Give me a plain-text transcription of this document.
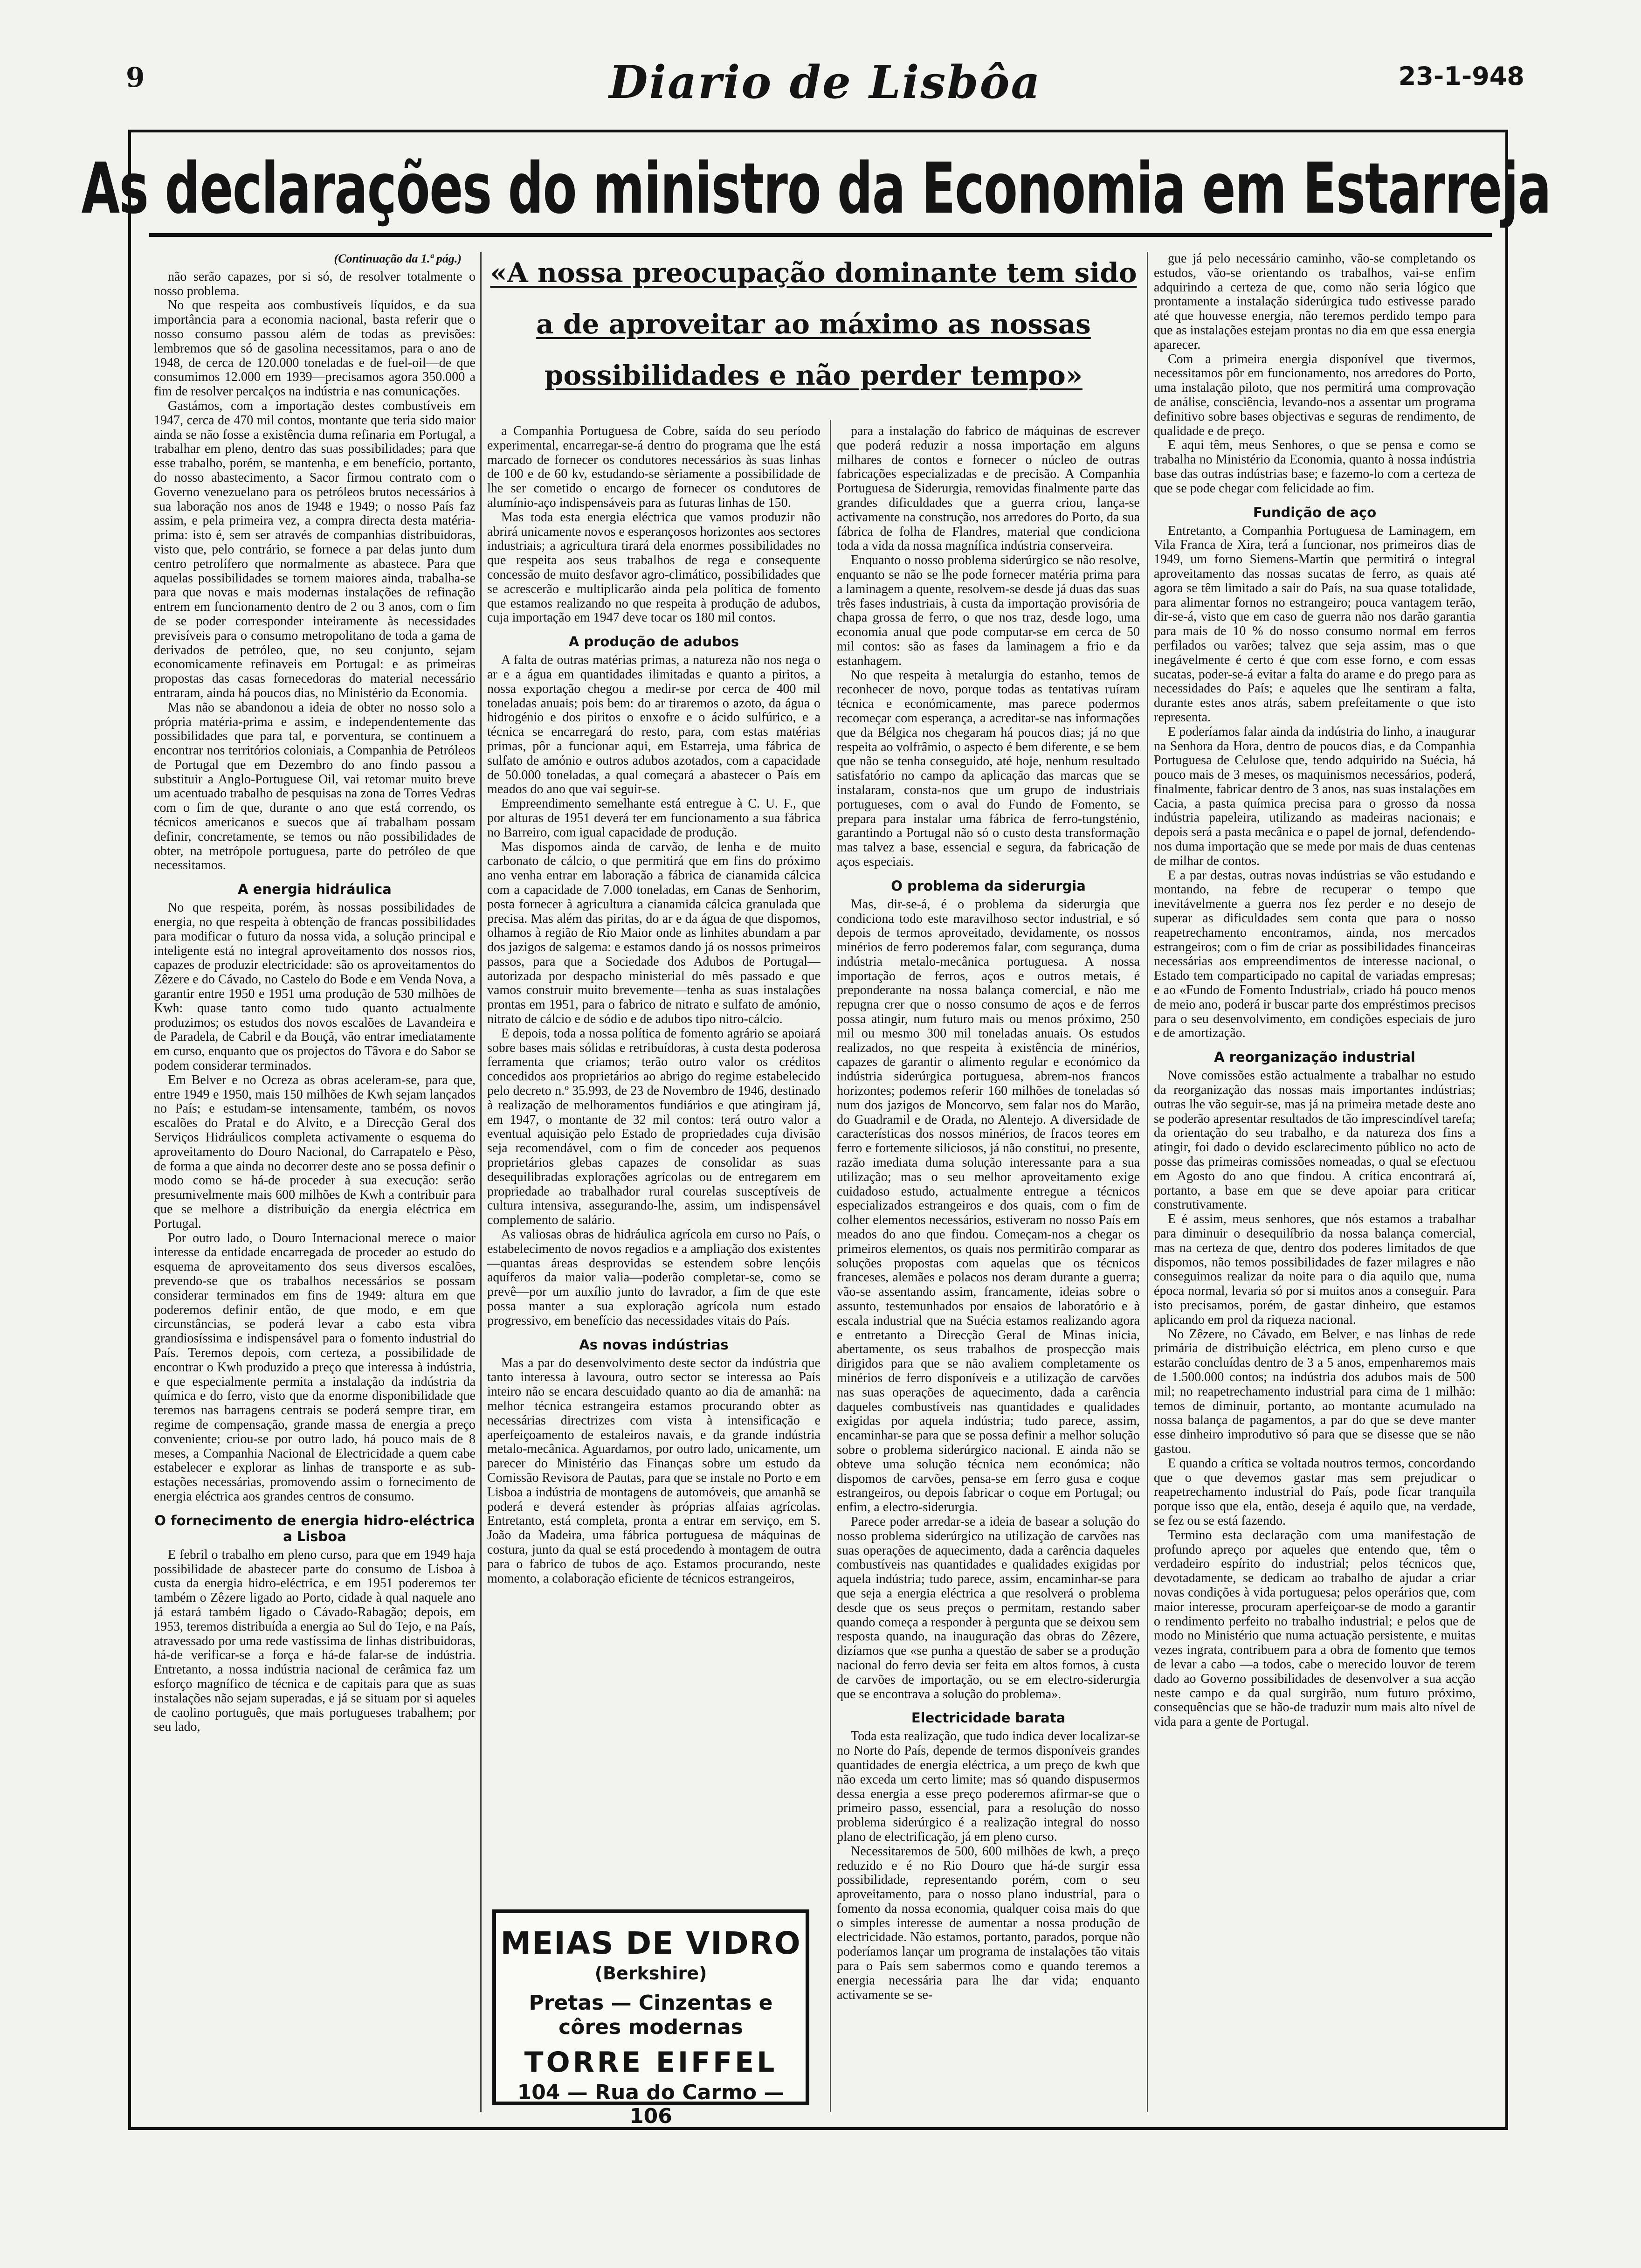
9	Diario de Lisbôa	23-1-948
As declarações do ministro da Economia em Estarreja
«A nossa preocupação dominante tem sido a de aproveitar ao máximo as nossas possibilidades e não perder tempo»
(Continuação da 1.ª pág.)

não serão capazes, por si só, de resolver totalmente o nosso problema.

No que respeita aos combustíveis líquidos, e da sua importância para a economia nacional, basta referir que o nosso consumo passou além de todas as previsões: lembremos que só de gasolina necessitamos, para o ano de 1948, de cerca de 120.000 toneladas e de fuel-oil—de que consumimos 12.000 em 1939—precisamos agora 350.000 a fim de resolver percalços na indústria e nas comunicações.

Gastámos, com a importação destes combustíveis em 1947, cerca de 470 mil contos, montante que teria sido maior ainda se não fosse a existência duma refinaria em Portugal, a trabalhar em pleno, dentro das suas possibilidades; para que esse trabalho, porém, se mantenha, e em benefício, portanto, do nosso abastecimento, a Sacor firmou contrato com o Governo venezuelano para os petróleos brutos necessários à sua laboração nos anos de 1948 e 1949; o nosso País faz assim, e pela primeira vez, a compra directa desta matéria-prima: isto é, sem ser através de companhias distribuidoras, visto que, pelo contrário, se fornece a par delas junto dum centro petrolífero que normalmente as abastece. Para que aquelas possibilidades se tornem maiores ainda, trabalha-se para que novas e mais modernas instalações de refinação entrem em funcionamento dentro de 2 ou 3 anos, com o fim de se poder corresponder inteiramente às necessidades previsíveis para o consumo metropolitano de toda a gama de derivados de petróleo, que, no seu conjunto, sejam economicamente refinaveis em Portugal: e as primeiras propostas das casas fornecedoras do material necessário entraram, ainda há poucos dias, no Ministério da Economia.

Mas não se abandonou a ideia de obter no nosso solo a própria matéria-prima e assim, e independentemente das possibilidades que para tal, e porventura, se continuem a encontrar nos territórios coloniais, a Companhia de Petróleos de Portugal que em Dezembro do ano findo passou a substituir a Anglo-Portuguese Oil, vai retomar muito breve um acentuado trabalho de pesquisas na zona de Torres Vedras com o fim de que, durante o ano que está correndo, os técnicos americanos e suecos que aí trabalham possam definir, concretamente, se temos ou não possibilidades de obter, na metrópole portuguesa, parte do petróleo de que necessitamos.

A energia hidráulica

No que respeita, porém, às nossas possibilidades de energia, no que respeita à obtenção de francas possibilidades para modificar o futuro da nossa vida, a solução principal e inteligente está no integral aproveitamento dos nossos rios, capazes de produzir electricidade: são os aproveitamentos do Zêzere e do Cávado, no Castelo do Bode e em Venda Nova, a garantir entre 1950 e 1951 uma produção de 530 milhões de Kwh: quase tanto como tudo quanto actualmente produzimos; os estudos dos novos escalões de Lavandeira e de Paradela, de Cabril e da Bouçã, vão entrar imediatamente em curso, enquanto que os projectos do Tâvora e do Sabor se podem considerar terminados.

Em Belver e no Ocreza as obras aceleram-se, para que, entre 1949 e 1950, mais 150 milhões de Kwh sejam lançados no País; e estudam-se intensamente, também, os novos escalões do Pratal e do Alvito, e a Direcção Geral dos Serviços Hidráulicos completa activamente o esquema do aproveitamento do Douro Nacional, do Carrapatelo e Pèso, de forma a que ainda no decorrer deste ano se possa definir o modo como se há-de proceder à sua execução: serão presumivelmente mais 600 milhões de Kwh a contribuir para que se melhore a distribuição da energia eléctrica em Portugal.

Por outro lado, o Douro Internacional merece o maior interesse da entidade encarregada de proceder ao estudo do esquema de aproveitamento dos seus diversos escalões, prevendo-se que os trabalhos necessários se possam considerar terminados em fins de 1949: altura em que poderemos definir então, de que modo, e em que circunstâncias, se poderá levar a cabo esta vibra grandiosíssima e indispensável para o fomento industrial do País. Teremos depois, com certeza, a possibilidade de encontrar o Kwh produzido a preço que interessa à indústria, e que especialmente permita a instalação da indústria da química e do ferro, visto que da enorme disponibilidade que teremos nas barragens centrais se poderá sempre tirar, em regime de compensação, grande massa de energia a preço conveniente; criou-se por outro lado, há pouco mais de 8 meses, a Companhia Nacional de Electricidade a quem cabe estabelecer e explorar as linhas de transporte e as sub-estações necessárias, promovendo assim o fornecimento de energia eléctrica aos grandes centros de consumo.

O fornecimento de energia hidro-eléctrica a Lisboa

E febril o trabalho em pleno curso, para que em 1949 haja possibilidade de abastecer parte do consumo de Lisboa à custa da energia hidro-eléctrica, e em 1951 poderemos ter também o Zêzere ligado ao Porto, cidade à qual naquele ano já estará também ligado o Cávado-Rabagão; depois, em 1953, teremos distribuída a energia ao Sul do Tejo, e na País, atravessado por uma rede vastíssima de linhas distribuidoras, há-de verificar-se a força e há-de falar-se de indústria. Entretanto, a nossa indústria nacional de cerâmica faz um esforço magnífico de técnica e de capitais para que as suas instalações não sejam superadas, e já se situam por si aqueles de caolino português, que mais portugueses trabalhem; por seu lado,

a Companhia Portuguesa de Cobre, saída do seu período experimental, encarregar-se-á dentro do programa que lhe está marcado de fornecer os condutores necessários às suas linhas de 100 e de 60 kv, estudando-se sèriamente a possibilidade de lhe ser cometido o encargo de fornecer os condutores de alumínio-aço indispensáveis para as futuras linhas de 150.

Mas toda esta energia eléctrica que vamos produzir não abrirá unicamente novos e esperançosos horizontes aos sectores industriais; a agricultura tirará dela enormes possibilidades no que respeita aos seus trabalhos de rega e consequente concessão de muito desfavor agro-climático, possibilidades que se acrescerão e multiplicarão ainda pela política de fomento que estamos realizando no que respeita à produção de adubos, cuja importação em 1947 deve tocar os 180 mil contos.

A produção de adubos

A falta de outras matérias primas, a natureza não nos nega o ar e a água em quantidades ilimitadas e quanto a piritos, a nossa exportação chegou a medir-se por cerca de 400 mil toneladas anuais; pois bem: do ar tiraremos o azoto, da água o hidrogénio e dos piritos o enxofre e o ácido sulfúrico, e a técnica se encarregará do resto, para, com estas matérias primas, pôr a funcionar aqui, em Estarreja, uma fábrica de sulfato de amónio e outros adubos azotados, com a capacidade de 50.000 toneladas, a qual começará a abastecer o País em meados do ano que vai seguir-se.

Empreendimento semelhante está entregue à C. U. F., que por alturas de 1951 deverá ter em funcionamento a sua fábrica no Barreiro, com igual capacidade de produção.

Mas dispomos ainda de carvão, de lenha e de muito carbonato de cálcio, o que permitirá que em fins do próximo ano venha entrar em laboração a fábrica de cianamida cálcica com a capacidade de 7.000 toneladas, em Canas de Senhorim, posta fornecer à agricultura a cianamida cálcica granulada que precisa. Mas além das piritas, do ar e da água de que dispomos, olhamos à região de Rio Maior onde as linhites abundam a par dos jazigos de salgema: e estamos dando já os nossos primeiros passos, para que a Sociedade dos Adubos de Portugal—autorizada por despacho ministerial do mês passado e que vamos construir muito brevemente—tenha as suas instalações prontas em 1951, para o fabrico de nitrato e sulfato de amónio, nitrato de cálcio e de sódio e de adubos tipo nitro-cálcio.

E depois, toda a nossa política de fomento agrário se apoiará sobre bases mais sólidas e retribuídoras, à custa desta poderosa ferramenta que criamos; terão outro valor os créditos concedidos aos proprietários ao abrigo do regime estabelecido pelo decreto n.º 35.993, de 23 de Novembro de 1946, destinado à realização de melhoramentos fundiários e que atingiram já, em 1947, o montante de 32 mil contos: terá outro valor a eventual aquisição pelo Estado de propriedades cuja divisão seja recomendável, com o fim de conceder aos pequenos proprietários glebas capazes de consolidar as suas desequilibradas explorações agrícolas ou de entregarem em propriedade ao trabalhador rural courelas susceptíveis de cultura intensiva, assegurando-lhe, assim, um indispensável complemento de salário.

As valiosas obras de hidráulica agrícola em curso no País, o estabelecimento de novos regadios e a ampliação dos existentes—quantas áreas desprovidas se estendem sobre lençóis aquíferos da maior valia—poderão completar-se, como se prevê—por um auxílio junto do lavrador, a fim de que este possa manter a sua exploração agrícola num estado progressivo, em benefício das necessidades vitais do País.

As novas indústrias

Mas a par do desenvolvimento deste sector da indústria que tanto interessa à lavoura, outro sector se interessa ao País inteiro não se encara descuidado quanto ao dia de amanhã: na melhor técnica estrangeira estamos procurando obter as necessárias directrizes com vista à intensificação e aperfeiçoamento de estaleiros navais, e da grande indústria metalo-mecânica. Aguardamos, por outro lado, unicamente, um parecer do Ministério das Finanças sobre um estudo da Comissão Revisora de Pautas, para que se instale no Porto e em Lisboa a indústria de montagens de automóveis, que amanhã se poderá e deverá estender às próprias alfaias agrícolas. Entretanto, está completa, pronta a entrar em serviço, em S. João da Madeira, uma fábrica portuguesa de máquinas de costura, junto da qual se está procedendo à montagem de outra para o fabrico de tubos de aço. Estamos procurando, neste momento, a colaboração eficiente de técnicos estrangeiros,

para a instalação do fabrico de máquinas de escrever que poderá reduzir a nossa importação em alguns milhares de contos e fornecer o núcleo de outras fabricações especializadas e de precisão. A Companhia Portuguesa de Siderurgia, removidas finalmente parte das grandes dificuldades que a guerra criou, lança-se activamente na construção, nos arredores do Porto, da sua fábrica de folha de Flandres, material que condiciona toda a vida da nossa magnífica indústria conserveira.

Enquanto o nosso problema siderúrgico se não resolve, enquanto se não se lhe pode fornecer matéria prima para a laminagem a quente, resolvem-se desde já duas das suas três fases industriais, à custa da importação provisória de chapa grossa de ferro, o que nos traz, desde logo, uma economia anual que pode computar-se em cerca de 50 mil contos: são as fases da laminagem a frio e da estanhagem.

No que respeita à metalurgia do estanho, temos de reconhecer de novo, porque todas as tentativas ruíram técnica e económicamente, mas parece podermos recomeçar com esperança, a acreditar-se nas informações que da Bélgica nos chegaram há poucos dias; já no que respeita ao volfrâmio, o aspecto é bem diferente, e se bem que não se tenha conseguido, até hoje, nenhum resultado satisfatório no campo da aplicação das marcas que se instalaram, consta-nos que um grupo de industriais portugueses, com o aval do Fundo de Fomento, se prepara para instalar uma fábrica de ferro-tungsténio, garantindo a Portugal não só o custo desta transformação mas talvez a base, essencial e segura, da fabricação de aços especiais.

O problema da siderurgia

Mas, dir-se-á, é o problema da siderurgia que condiciona todo este maravilhoso sector industrial, e só depois de termos aproveitado, devidamente, os nossos minérios de ferro poderemos falar, com segurança, duma indústria metalo-mecânica portuguesa. A nossa importação de ferros, aços e outros metais, é preponderante na nossa balança comercial, e não me repugna crer que o nosso consumo de aços e de ferros possa atingir, num futuro mais ou menos próximo, 250 mil ou mesmo 300 mil toneladas anuais. Os estudos realizados, no que respeita à existência de minérios, capazes de garantir o alimento regular e económico da indústria siderúrgica portuguesa, abrem-nos francos horizontes; podemos referir 160 milhões de toneladas só num dos jazigos de Moncorvo, sem falar nos do Marão, do Guadramil e de Orada, no Alentejo. A diversidade de características dos nossos minérios, de fracos teores em ferro e fortemente siliciosos, já não constitui, no presente, razão imediata duma solução interessante para a sua utilização; mas o seu melhor aproveitamento exige cuidadoso estudo, actualmente entregue a técnicos especializados estrangeiros e dos quais, com o fim de colher elementos necessários, estiveram no nosso País em meados do ano que findou. Começam-nos a chegar os primeiros elementos, os quais nos permitirão comparar as soluções propostas com aquelas que os técnicos franceses, alemães e polacos nos deram durante a guerra; vão-se assentando assim, francamente, ideias sobre o assunto, testemunhados por ensaios de laboratório e à escala industrial que na Suécia estamos realizando agora e entretanto a Direcção Geral de Minas inicia, abertamente, os seus trabalhos de prospecção mais dirigidos para que se não avaliem completamente os minérios de ferro disponíveis e a utilização de carvões nas suas operações de aquecimento, dada a carência daqueles combustíveis nas quantidades e qualidades exigidas por aquela indústria; tudo parece, assim, encaminhar-se para que se possa definir a melhor solução sobre o problema siderúrgico nacional. E ainda não se obteve uma solução técnica nem económica; não dispomos de carvões, pensa-se em ferro gusa e coque estrangeiros, ou depois fabricar o coque em Portugal; ou enfim, a electro-siderurgia.

Parece poder arredar-se a ideia de basear a solução do nosso problema siderúrgico na utilização de carvões nas suas operações de aquecimento, dada a carência daqueles combustíveis nas quantidades e qualidades exigidas por aquela indústria; tudo parece, assim, encaminhar-se para que seja a energia eléctrica a que resolverá o problema desde que os seus preços o permitam, restando saber quando começa a responder à pergunta que se deixou sem resposta quando, na inauguração das obras do Zêzere, dizíamos que «se punha a questão de saber se a produção nacional do ferro devia ser feita em altos fornos, à custa de carvões de importação, ou se em electro-siderurgia que se encontrava a solução do problema».

Electricidade barata

Toda esta realização, que tudo indica dever localizar-se no Norte do País, depende de termos disponíveis grandes quantidades de energia eléctrica, a um preço de kwh que não exceda um certo limite; mas só quando dispusermos dessa energia a esse preço poderemos afirmar-se que o primeiro passo, essencial, para a resolução do nosso problema siderúrgico é a realização integral do nosso plano de electrificação, já em pleno curso.

Necessitaremos de 500, 600 milhões de kwh, a preço reduzido e é no Rio Douro que há-de surgir essa possibilidade, representando porém, com o seu aproveitamento, para o nosso plano industrial, para o fomento da nossa economia, qualquer coisa mais do que o simples interesse de aumentar a nossa produção de electricidade. Não estamos, portanto, parados, porque não poderíamos lançar um programa de instalações tão vitais para o País sem sabermos como e quando teremos a energia necessária para lhe dar vida; enquanto activamente se se-

gue já pelo necessário caminho, vão-se completando os estudos, vão-se orientando os trabalhos, vai-se enfim adquirindo a certeza de que, como não seria lógico que prontamente a instalação siderúrgica tudo estivesse parado até que houvesse energia, não teremos perdido tempo para que as instalações estejam prontas no dia em que essa energia aparecer.

Com a primeira energia disponível que tivermos, necessitamos pôr em funcionamento, nos arredores do Porto, uma instalação piloto, que nos permitirá uma comprovação de análise, consciência, levando-nos a assentar um programa definitivo sobre bases objectivas e seguras de rendimento, de qualidade e de preço.

E aqui têm, meus Senhores, o que se pensa e como se trabalha no Ministério da Economia, quanto à nossa indústria base das outras indústrias base; e fazemo-lo com a certeza de que se pode chegar com felicidade ao fim.

Fundição de aço

Entretanto, a Companhia Portuguesa de Laminagem, em Vila Franca de Xira, terá a funcionar, nos primeiros dias de 1949, um forno Siemens-Martin que permitirá o integral aproveitamento das nossas sucatas de ferro, as quais até agora se têm limitado a sair do País, na sua quase totalidade, para alimentar fornos no estrangeiro; pouca vantagem terão, dir-se-á, visto que em caso de guerra não nos darão garantia para mais de 10 % do nosso consumo normal em ferros perfilados ou varões; talvez que seja assim, mas o que inegávelmente é certo é que com esse forno, e com essas sucatas, poder-se-á evitar a falta do arame e do prego para as necessidades do País; e aqueles que lhe sentiram a falta, durante estes anos atrás, sabem prefeitamente o que isto representa.

E poderíamos falar ainda da indústria do linho, a inaugurar na Senhora da Hora, dentro de poucos dias, e da Companhia Portuguesa de Celulose que, tendo adquirido na Suécia, há pouco mais de 3 meses, os maquinismos necessários, poderá, finalmente, fabricar dentro de 3 anos, nas suas instalações em Cacia, a pasta química precisa para o grosso da nossa indústria papeleira, utilizando as madeiras nacionais; e depois será a pasta mecânica e o papel de jornal, defendendo-nos duma importação que se mede por mais de duas centenas de milhar de contos.

E a par destas, outras novas indústrias se vão estudando e montando, na febre de recuperar o tempo que inevitávelmente a guerra nos fez perder e no desejo de superar as dificuldades sem conta que para o nosso reapetrechamento encontramos, ainda, nos mercados estrangeiros; com o fim de criar as possibilidades financeiras necessárias aos empreendimentos de interesse nacional, o Estado tem comparticipado no capital de variadas empresas; e ao «Fundo de Fomento Industrial», criado há pouco menos de meio ano, poderá ir buscar parte dos empréstimos precisos para o seu desenvolvimento, em condições especiais de juro e de amortização.

A reorganização industrial

Nove comissões estão actualmente a trabalhar no estudo da reorganização das nossas mais importantes indústrias; outras lhe vão seguir-se, mas já na primeira metade deste ano se poderão apresentar resultados de tão imprescindível tarefa; da orientação do seu trabalho, e da natureza dos fins a atingir, foi dado o devido esclarecimento público no acto de posse das primeiras comissões nomeadas, o qual se efectuou em Agosto do ano que findou. A crítica encontrará aí, portanto, a base em que se deve apoiar para criticar construtivamente.

E é assim, meus senhores, que nós estamos a trabalhar para diminuir o desequilíbrio da nossa balança comercial, mas na certeza de que, dentro dos poderes limitados de que dispomos, não temos possibilidades de fazer milagres e não conseguimos realizar da noite para o dia aquilo que, numa época normal, levaria só por si muitos anos a conseguir. Para isto precisamos, porém, de gastar dinheiro, que estamos aplicando em prol da riqueza nacional.

No Zêzere, no Cávado, em Belver, e nas linhas de rede primária de distribuição eléctrica, em pleno curso e que estarão concluídas dentro de 3 a 5 anos, empenharemos mais de 1.500.000 contos; na indústria dos adubos mais de 500 mil; no reapetrechamento industrial para cima de 1 milhão: temos de diminuir, portanto, ao montante acumulado na nossa balança de pagamentos, a par do que se deve manter esse dinheiro improdutivo só para que se disesse que se não gastou.

E quando a crítica se voltada noutros termos, concordando que o que devemos gastar mas sem prejudicar o reapetrechamento industrial do País, pode ficar tranquila porque isso que ela, então, deseja é aquilo que, na verdade, se fez ou se está fazendo.

Termino esta declaração com uma manifestação de profundo apreço por aqueles que entendo que, têm o verdadeiro espírito do industrial; pelos técnicos que, devotadamente, se dedicam ao trabalho de ajudar a criar novas condições à vida portuguesa; pelos operários que, com maior interesse, procuram aperfeiçoar-se de modo a garantir o rendimento perfeito no trabalho industrial; e pelos que de modo no Ministério que numa actuação persistente, e muitas vezes ingrata, contribuem para a obra de fomento que temos de levar a cabo —a todos, cabe o merecido louvor de terem dado ao Governo possibilidades de desenvolver a sua acção neste campo e da qual surgirão, num futuro próximo, consequências que se hão-de traduzir num mais alto nível de vida para a gente de Portugal.

MEIAS DE VIDRO
(Berkshire)
Pretas — Cinzentas e côres modernas
TORRE EIFFEL
104 — Rua do Carmo — 106
